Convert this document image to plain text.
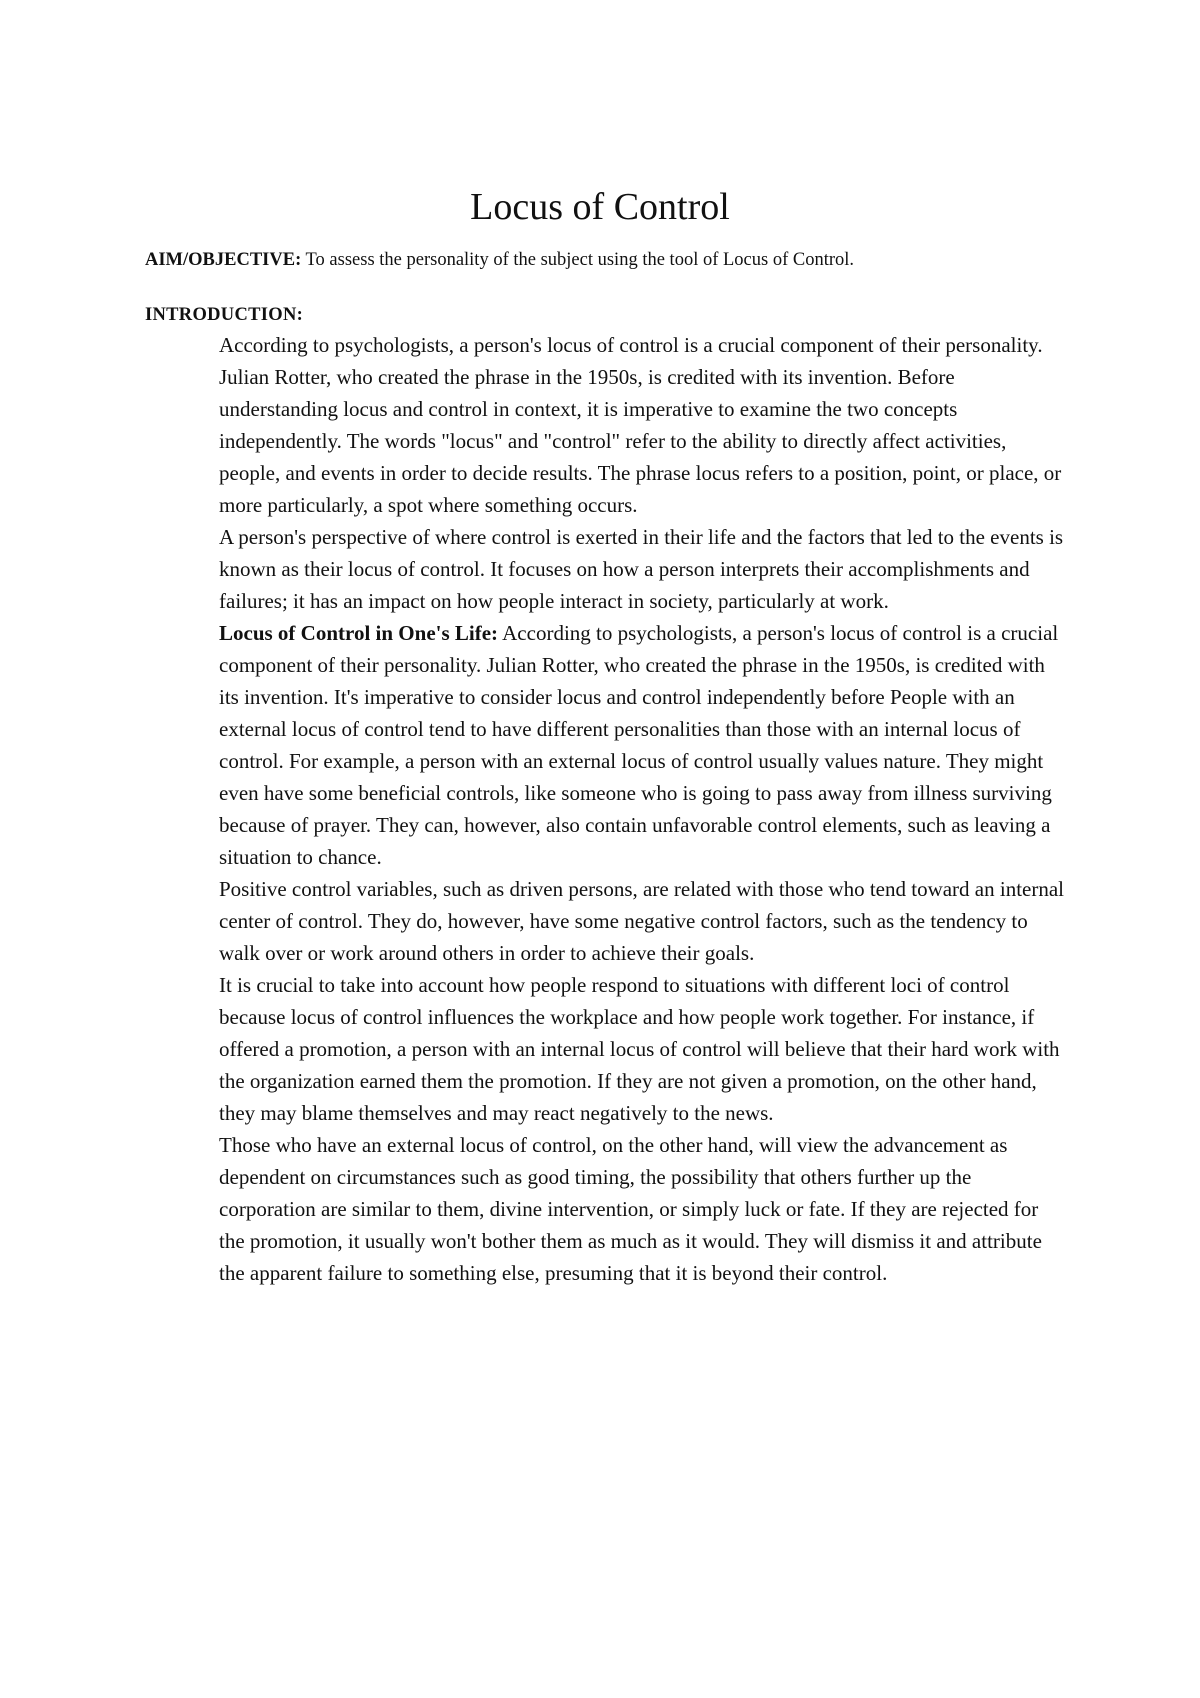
Locus of Control
AIM/OBJECTIVE: To assess the personality of the subject using the tool of Locus of Control.
INTRODUCTION:

According to psychologists, a person's locus of control is a crucial component of their personality. Julian Rotter, who created the phrase in the 1950s, is credited with its invention. Before understanding locus and control in context, it is imperative to examine the two concepts independently. The words "locus" and "control" refer to the ability to directly affect activities, people, and events in order to decide results. The phrase locus refers to a position, point, or place, or more particularly, a spot where something occurs.

A person's perspective of where control is exerted in their life and the factors that led to the events is known as their locus of control. It focuses on how a person interprets their accomplishments and failures; it has an impact on how people interact in society, particularly at work.

Locus of Control in One's Life: According to psychologists, a person's locus of control is a crucial component of their personality. Julian Rotter, who created the phrase in the 1950s, is credited with its invention. It's imperative to consider locus and control independently before People with an external locus of control tend to have different personalities than those with an internal locus of control. For example, a person with an external locus of control usually values nature. They might even have some beneficial controls, like someone who is going to pass away from illness surviving because of prayer. They can, however, also contain unfavorable control elements, such as leaving a situation to chance.

Positive control variables, such as driven persons, are related with those who tend toward an internal center of control. They do, however, have some negative control factors, such as the tendency to walk over or work around others in order to achieve their goals.

It is crucial to take into account how people respond to situations with different loci of control because locus of control influences the workplace and how people work together. For instance, if offered a promotion, a person with an internal locus of control will believe that their hard work with the organization earned them the promotion. If they are not given a promotion, on the other hand, they may blame themselves and may react negatively to the news.

Those who have an external locus of control, on the other hand, will view the advancement as dependent on circumstances such as good timing, the possibility that others further up the corporation are similar to them, divine intervention, or simply luck or fate. If they are rejected for the promotion, it usually won't bother them as much as it would. They will dismiss it and attribute the apparent failure to something else, presuming that it is beyond their control.
